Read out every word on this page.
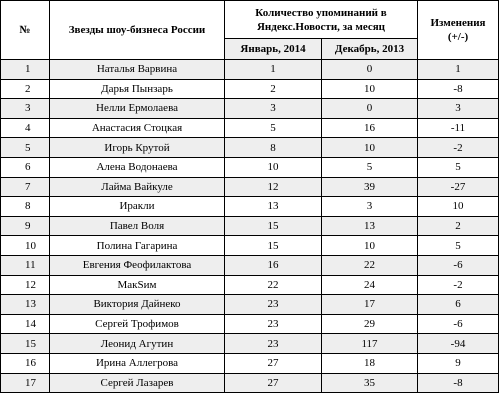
№	Звезды шоу-бизнеса России	Количество упоминаний в Яндекс.Новости, за месяц		Изменения (+/-)
		Январь, 2014	Декабрь, 2013	
1	Наталья Варвина	1	0	1
2	Дарья Пынзарь	2	10	-8
3	Нелли Ермолаева	3	0	3
4	Анастасия Стоцкая	5	16	-11
5	Игорь Крутой	8	10	-2
6	Алена Водонаева	10	5	5
7	Лайма Вайкуле	12	39	-27
8	Иракли	13	3	10
9	Павел Воля	15	13	2
10	Полина Гагарина	15	10	5
11	Евгения Феофилактова	16	22	-6
12	МакSим	22	24	-2
13	Виктория Дайнеко	23	17	6
14	Сергей Трофимов	23	29	-6
15	Леонид Агутин	23	117	-94
16	Ирина Аллегрова	27	18	9
17	Сергей Лазарев	27	35	-8
